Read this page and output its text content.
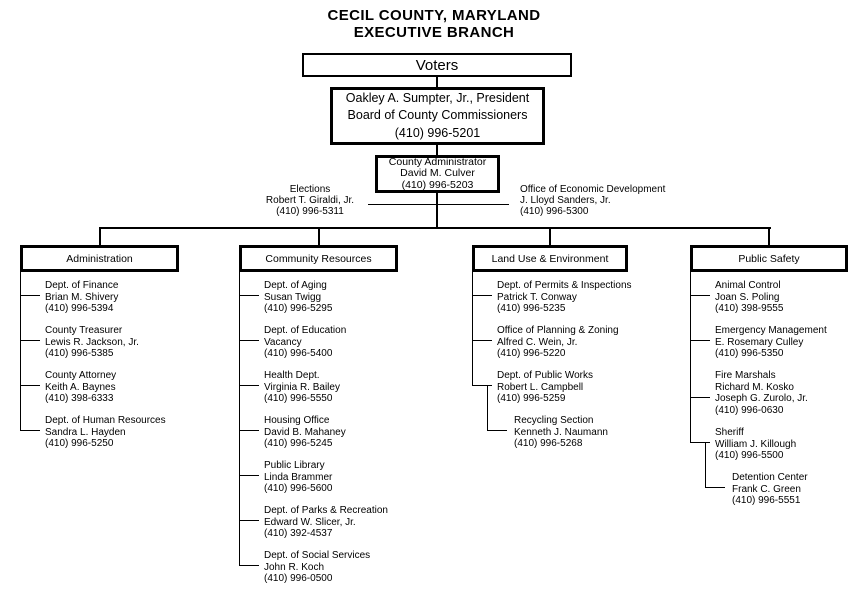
CECIL COUNTY, MARYLAND
EXECUTIVE BRANCH
Voters
Oakley A. Sumpter, Jr., President
Board of County Commissioners
(410) 996-5201
County Administrator
David M. Culver
(410) 996-5203
Elections
Robert T. Giraldi, Jr.
(410) 996-5311
Office of Economic Development
J. Lloyd Sanders, Jr.
(410) 996-5300
Administration
Dept. of Finance
Brian M. Shivery
(410) 996-5394
County Treasurer
Lewis R. Jackson, Jr.
(410) 996-5385
County Attorney
Keith A. Baynes
(410) 398-6333
Dept. of Human Resources
Sandra L. Hayden
(410) 996-5250
Community Resources
Dept. of Aging
Susan Twigg
(410) 996-5295
Dept. of Education
Vacancy
(410) 996-5400
Health Dept.
Virginia R. Bailey
(410) 996-5550
Housing Office
David B. Mahaney
(410) 996-5245
Public Library
Linda Brammer
(410) 996-5600
Dept. of Parks & Recreation
Edward W. Slicer, Jr.
(410) 392-4537
Dept. of Social Services
John R. Koch
(410) 996-0500
Land Use & Environment
Dept. of Permits & Inspections
Patrick T. Conway
(410) 996-5235
Office of Planning & Zoning
Alfred C. Wein, Jr.
(410) 996-5220
Dept. of Public Works
Robert L. Campbell
(410) 996-5259
Recycling Section
Kenneth J. Naumann
(410) 996-5268
Public Safety
Animal Control
Joan S. Poling
(410) 398-9555
Emergency Management
E. Rosemary Culley
(410) 996-5350
Fire Marshals
Richard M. Kosko
Joseph G. Zurolo, Jr.
(410) 996-0630
Sheriff
William J. Killough
(410) 996-5500
Detention Center
Frank C. Green
(410) 996-5551
